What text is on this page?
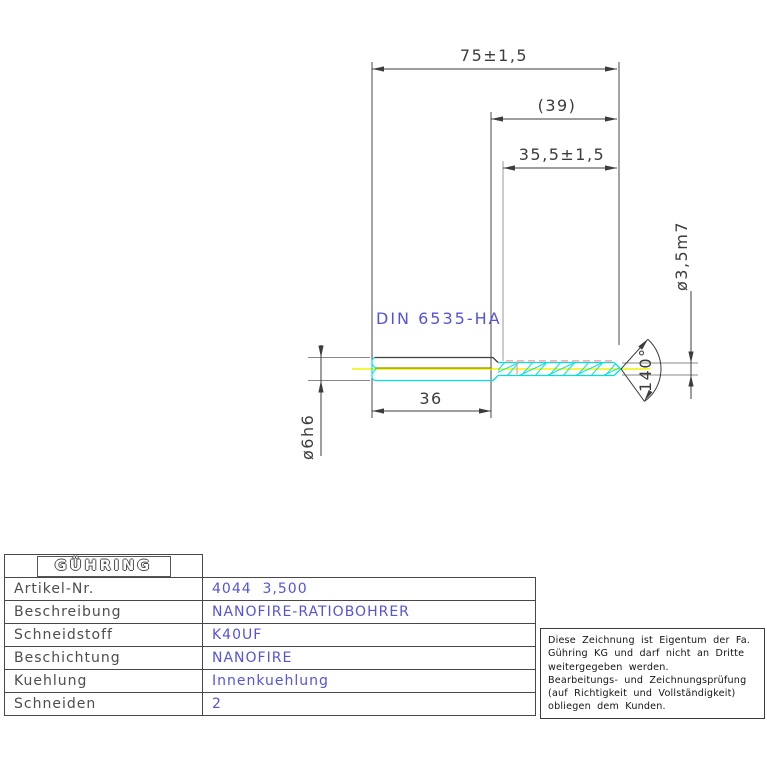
75±1,5
(39)
35,5±1,5
36
ø6h6
ø3,5m7
140°
DIN 6535-HA
GÜHRING
Artikel-Nr.
Beschreibung
Schneidstoff
Beschichtung
Kuehlung
Schneiden
4044  3,500
NANOFIRE-RATIOBOHRER
K40UF
NANOFIRE
Innenkuehlung
2
Diese Zeichnung ist Eigentum der Fa.
Gühring KG und darf nicht an Dritte
weitergegeben werden.
Bearbeitungs- und Zeichnungsprüfung
(auf Richtigkeit und Vollständigkeit)
obliegen dem Kunden.
